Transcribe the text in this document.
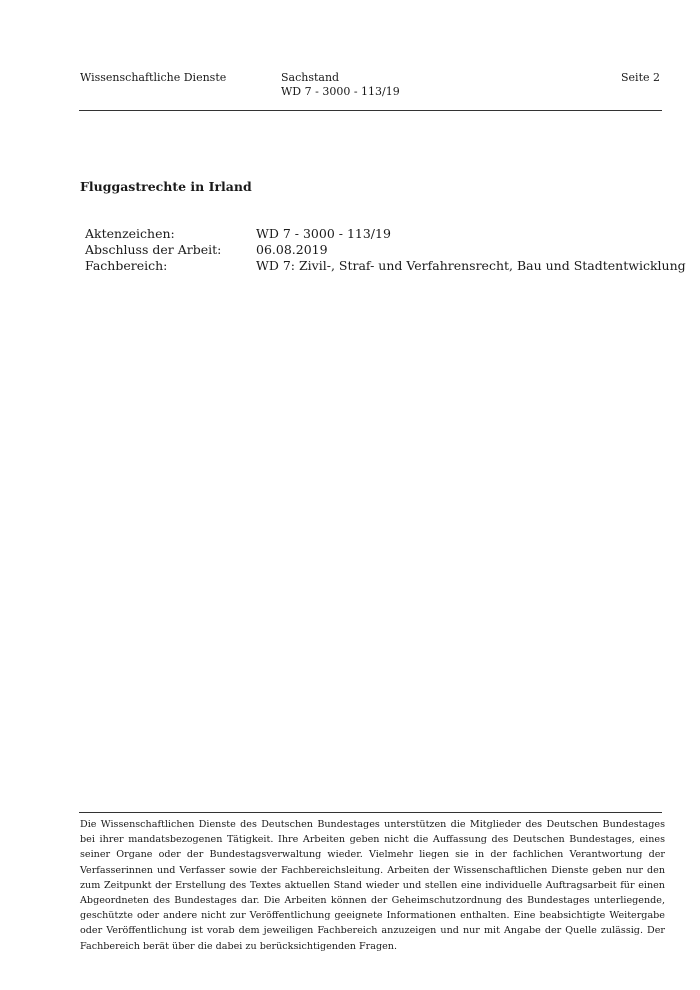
Wissenschaftliche Dienste	Sachstand
WD 7 - 3000 - 113/19
Seite 2
Fluggastrechte in Irland
Aktenzeichen:	WD 7 - 3000 - 113/19
Abschluss der Arbeit:	06.08.2019
Fachbereich:	WD 7: Zivil-, Straf- und Verfahrensrecht, Bau und Stadtentwicklung

Die Wissenschaftlichen Dienste des Deutschen Bundestages unterstützen die Mitglieder des Deutschen Bundestages bei ihrer mandatsbezogenen Tätigkeit. Ihre Arbeiten geben nicht die Auffassung des Deutschen Bundestages, eines seiner Organe oder der Bundestagsverwaltung wieder. Vielmehr liegen sie in der fachlichen Verantwortung der Verfasserinnen und Verfasser sowie der Fachbereichsleitung. Arbeiten der Wissenschaftlichen Dienste geben nur den zum Zeitpunkt der Erstellung des Textes aktuellen Stand wieder und stellen eine individuelle Auftragsarbeit für einen Abgeordneten des Bundestages dar. Die Arbeiten können der Geheimschutzordnung des Bundestages unterliegende, geschützte oder andere nicht zur Veröffentlichung geeignete Informationen enthalten. Eine beabsichtigte Weitergabe oder Veröffentlichung ist vorab dem jeweiligen Fachbereich anzuzeigen und nur mit Angabe der Quelle zulässig. Der Fachbereich berät über die dabei zu berücksichtigenden Fragen.
